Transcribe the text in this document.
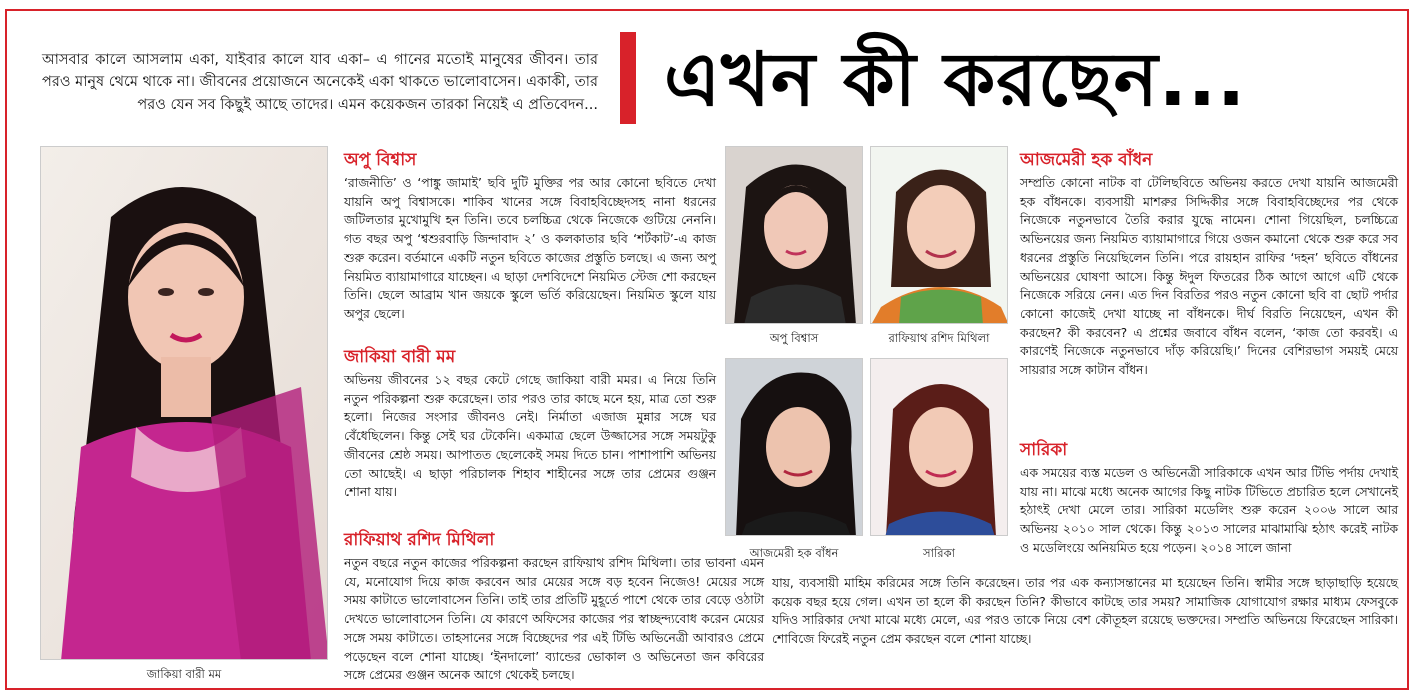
আসবার কালে আসলাম একা, যাইবার কালে যাব একা– এ গানের মতোই মানুষের জীবন। তার পরও মানুষ থেমে থাকে না। জীবনের প্রয়োজনে অনেকেই একা থাকতে ভালোবাসেন। একাকী, তার পরও যেন সব কিছুই আছে তাদের। এমন কয়েকজন তারকা নিয়েই এ প্রতিবেদন... এখন কী করছেন...
জাকিয়া বারী মম
অপু বিশ্বাস

‘রাজনীতি’ ও ‘পাঙ্কু জামাই’ ছবি দুটি মুক্তির পর আর কোনো ছবিতে দেখা যায়নি অপু বিশ্বাসকে। শাকিব খানের সঙ্গে বিবাহবিচ্ছেদসহ নানা ধরনের জটিলতার মুখোমুখি হন তিনি। তবে চলচ্চিত্র থেকে নিজেকে গুটিয়ে নেননি। গত বছর অপু ‘শ্বশুরবাড়ি জিন্দাবাদ ২’ ও কলকাতার ছবি ‘শর্টকাট’-এ কাজ শুরু করেন। বর্তমানে একটি নতুন ছবিতে কাজের প্রস্তুতি চলছে। এ জন্য অপু নিয়মিত ব্যায়ামাগারে যাচ্ছেন। এ ছাড়া দেশবিদেশে নিয়মিত স্টেজ শো করছেন তিনি। ছেলে আব্রাম খান জয়কে স্কুলে ভর্তি করিয়েছেন। নিয়মিত স্কুলে যায় অপুর ছেলে।

জাকিয়া বারী মম

অভিনয় জীবনের ১২ বছর কেটে গেছে জাকিয়া বারী মমর। এ নিয়ে তিনি নতুন পরিকল্পনা শুরু করেছেন। তার পরও তার কাছে মনে হয়, মাত্র তো শুরু হলো। নিজের সংসার জীবনও নেই। নির্মাতা এজাজ মুন্নার সঙ্গে ঘর বেঁধেছিলেন। কিন্তু সেই ঘর টেকেনি। একমাত্র ছেলে উজ্জাসের সঙ্গে সময়টুকু জীবনের শ্রেষ্ঠ সময়। আপাতত ছেলেকেই সময় দিতে চান। পাশাপাশি অভিনয় তো আছেই। এ ছাড়া পরিচালক শিহাব শাহীনের সঙ্গে তার প্রেমের গুঞ্জন শোনা যায়।

রাফিয়াথ রশিদ মিথিলা

নতুন বছরে নতুন কাজের পরিকল্পনা করছেন রাফিয়াথ রশিদ মিথিলা। তার ভাবনা এমন যে, মনোযোগ দিয়ে কাজ করবেন আর মেয়ের সঙ্গে বড় হবেন নিজেও! মেয়ের সঙ্গে সময় কাটাতে ভালোবাসেন তিনি। তাই তার প্রতিটি মুহূর্তে পাশে থেকে তার বেড়ে ওঠাটা দেখতে ভালোবাসেন তিনি। যে কারণে অফিসের কাজের পর স্বাচ্ছন্দ্যবোধ করেন মেয়ের সঙ্গে সময় কাটাতে। তাহসানের সঙ্গে বিচ্ছেদের পর এই টিভি অভিনেত্রী আবারও প্রেমে পড়েছেন বলে শোনা যাচ্ছে। ‘ইনদালো’ ব্যান্ডের ভোকাল ও অভিনেতা জন কবিরের সঙ্গে প্রেমের গুঞ্জন অনেক আগে থেকেই চলছে।

অপু বিশ্বাস	রাফিয়াথ রশিদ মিথিলা
আজমেরী হক বাঁধন	সারিকা
আজমেরী হক বাঁধন

সম্প্রতি কোনো নাটক বা টেলিছবিতে অভিনয় করতে দেখা যায়নি আজমেরী হক বাঁধনকে। ব্যবসায়ী মাশরুর সিদ্দিকীর সঙ্গে বিবাহবিচ্ছেদের পর থেকে নিজেকে নতুনভাবে তৈরি করার যুদ্ধে নামেন। শোনা গিয়েছিল, চলচ্চিত্রে অভিনয়ের জন্য নিয়মিত ব্যায়ামাগারে গিয়ে ওজন কমানো থেকে শুরু করে সব ধরনের প্রস্তুতি নিয়েছিলেন তিনি। পরে রায়হান রাফির ‘দহন’ ছবিতে বাঁধনের অভিনয়ের ঘোষণা আসে। কিন্তু ঈদুল ফিতরের ঠিক আগে আগে এটি থেকে নিজেকে সরিয়ে নেন। এত দিন বিরতির পরও নতুন কোনো ছবি বা ছোট পর্দার কোনো কাজেই দেখা যাচ্ছে না বাঁধনকে। দীর্ঘ বিরতি নিয়েছেন, এখন কী করছেন? কী করবেন? এ প্রশ্নের জবাবে বাঁধন বলেন, ‘কাজ তো করবই। এ কারণেই নিজেকে নতুনভাবে দাঁড় করিয়েছি।’ দিনের বেশিরভাগ সময়ই মেয়ে সায়রার সঙ্গে কাটান বাঁধন।

সারিকা

এক সময়ের ব্যস্ত মডেল ও অভিনেত্রী সারিকাকে এখন আর টিভি পর্দায় দেখাই যায় না। মাঝে মধ্যে অনেক আগের কিছু নাটক টিভিতে প্রচারিত হলে সেখানেই হঠাৎই দেখা মেলে তার। সারিকা মডেলিং শুরু করেন ২০০৬ সালে আর অভিনয় ২০১০ সাল থেকে। কিন্তু ২০১৩ সালের মাঝামাঝি হঠাৎ করেই নাটক ও মডেলিংয়ে অনিয়মিত হয়ে পড়েন। ২০১৪ সালে জানা

যায়, ব্যবসায়ী মাহিম করিমের সঙ্গে তিনি করেছেন। তার পর এক কন্যাসন্তানের মা হয়েছেন তিনি। স্বামীর সঙ্গে ছাড়াছাড়ি হয়েছে কয়েক বছর হয়ে গেল। এখন তা হলে কী করছেন তিনি? কীভাবে কাটছে তার সময়? সামাজিক যোগাযোগ রক্ষার মাধ্যম ফেসবুকে যদিও সারিকার দেখা মাঝে মধ্যে মেলে, এর পরও তাকে নিয়ে বেশ কৌতূহল রয়েছে ভক্তদের। সম্প্রতি অভিনয়ে ফিরেছেন সারিকা। শোবিজে ফিরেই নতুন প্রেম করছেন বলে শোনা যাচ্ছে।
